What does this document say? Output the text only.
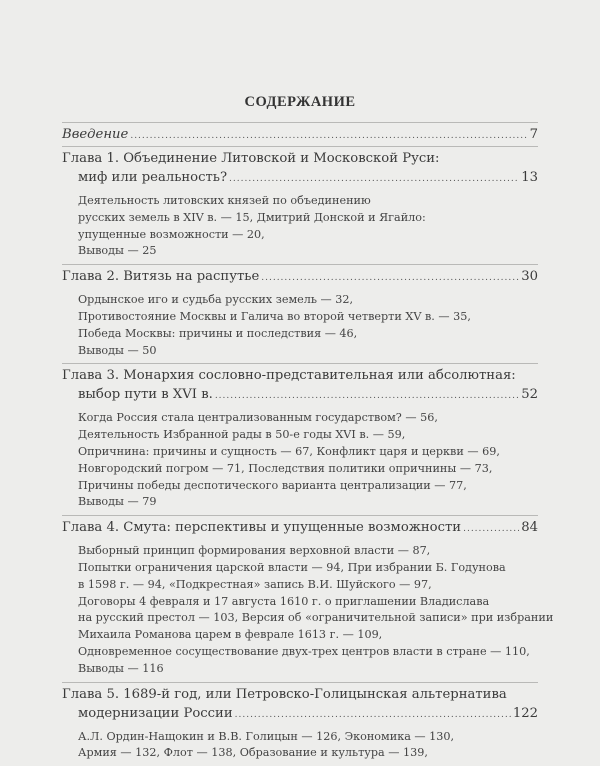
СОДЕРЖАНИЕ
Введение .....	7
Глава 1. Объединение Литовской и Московской Руси:
миф или реальность? .....	13
Деятельность литовских князей по объединению
русских земель в XIV в. — 15, Дмитрий Донской и Ягайло:
упущенные возможности — 20,
Выводы — 25
Глава 2. Витязь на распутье .....	30
Ордынское иго и судьба русских земель — 32,
Противостояние Москвы и Галича во второй четверти XV в. — 35,
Победа Москвы: причины и последствия — 46,
Выводы — 50
Глава 3. Монархия сословно-представительная или абсолютная:
выбор пути в XVI в. .....	52
Когда Россия стала централизованным государством? — 56,
Деятельность Избранной рады в 50-е годы XVI в. — 59,
Опричнина: причины и сущность — 67, Конфликт царя и церкви — 69,
Новгородский погром — 71, Последствия политики опричнины — 73,
Причины победы деспотического варианта централизации — 77,
Выводы — 79
Глава 4. Смута: перспективы и упущенные возможности .....	84
Выборный принцип формирования верховной власти — 87,
Попытки ограничения царской власти — 94, При избрании Б. Годунова
в 1598 г. — 94, «Подкрестная» запись В.И. Шуйского — 97,
Договоры 4 февраля и 17 августа 1610 г. о приглашении Владислава
на русский престол — 103, Версия об «ограничительной записи» при избрании
Михаила Романова царем в феврале 1613 г. — 109,
Одновременное сосуществование двух-трех центров власти в стране — 110,
Выводы — 116
Глава 5. 1689-й год, или Петровско-Голицынская альтернатива
модернизации России .....	122
А.Л. Ордин-Нащокин и В.В. Голицын — 126, Экономика — 130,
Армия — 132, Флот — 138, Образование и культура — 139,
